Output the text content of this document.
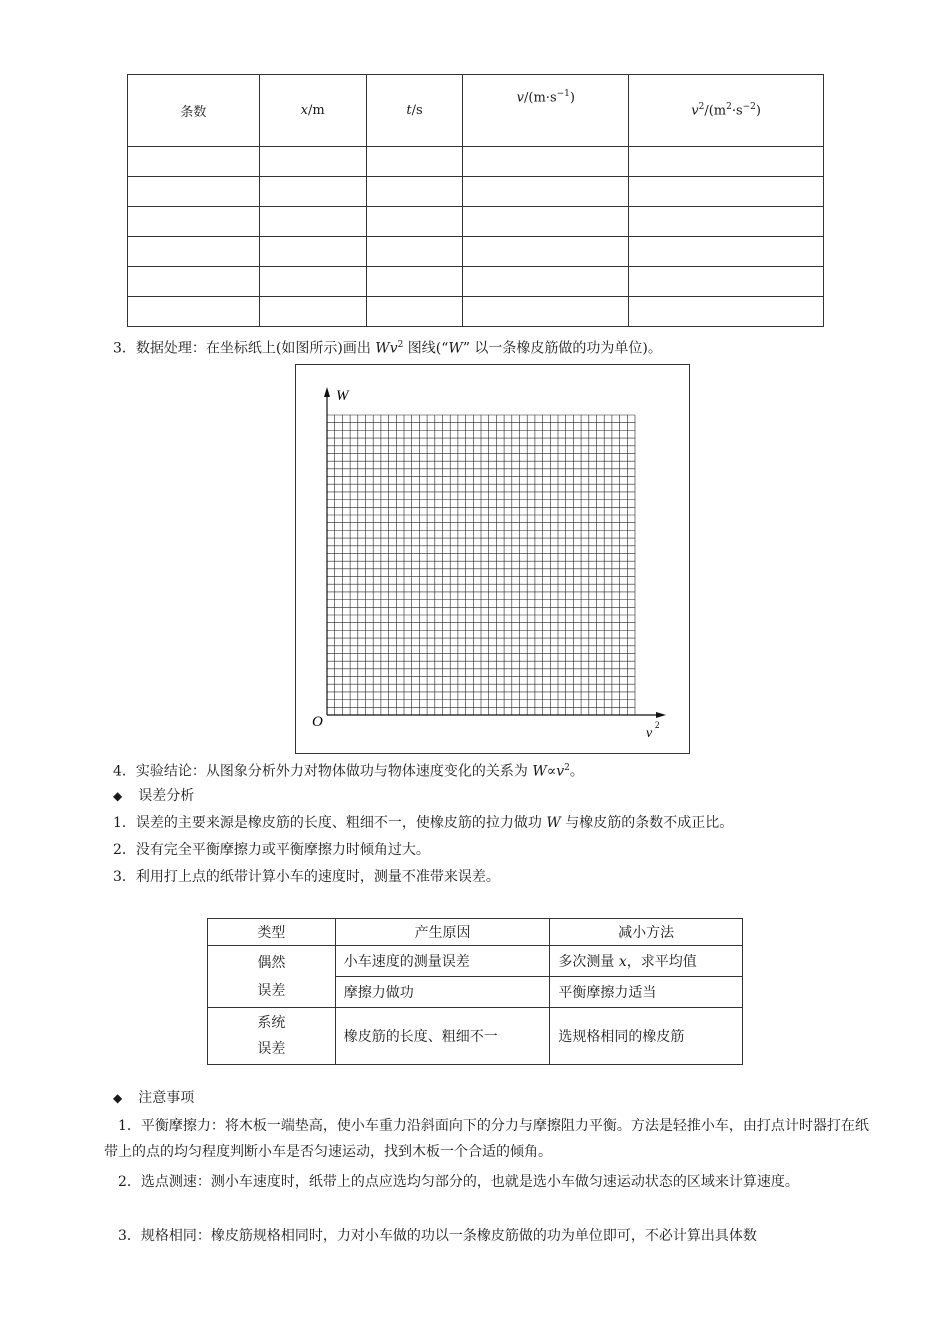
条数	x/m	t/s	$v/(m\cdot s^{-1})$	$v^2/(m^2\cdot s^{-2})$

3．数据处理：在坐标纸上(如图所示)画出 Wv$^2$ 图线(“W” 以一条橡皮筋做的功为单位)。
W
v
2
O
4．实验结论：从图象分析外力对物体做功与物体速度变化的关系为 $W\propto v^2$。
◆ 误差分析
1．误差的主要来源是橡皮筋的长度、粗细不一，使橡皮筋的拉力做功 W 与橡皮筋的条数不成正比。
2．没有完全平衡摩擦力或平衡摩擦力时倾角过大。
3．利用打上点的纸带计算小车的速度时，测量不准带来误差。
类型	产生原因	减小方法
偶然
误差	小车速度的测量误差	多次测量 x，求平均值
	摩擦力做功	平衡摩擦力适当
系统
误差	橡皮筋的长度、粗细不一	选规格相同的橡皮筋
◆ 注意事项
1．平衡摩擦力：将木板一端垫高，使小车重力沿斜面向下的分力与摩擦阻力平衡。方法是轻推小车，由打点计时器打在纸带上的点的均匀程度判断小车是否匀速运动，找到木板一个合适的倾角。
2．选点测速：测小车速度时，纸带上的点应选均匀部分的，也就是选小车做匀速运动状态的区域来计算速度。
3．规格相同：橡皮筋规格相同时，力对小车做的功以一条橡皮筋做的功为单位即可，不必计算出具体数
